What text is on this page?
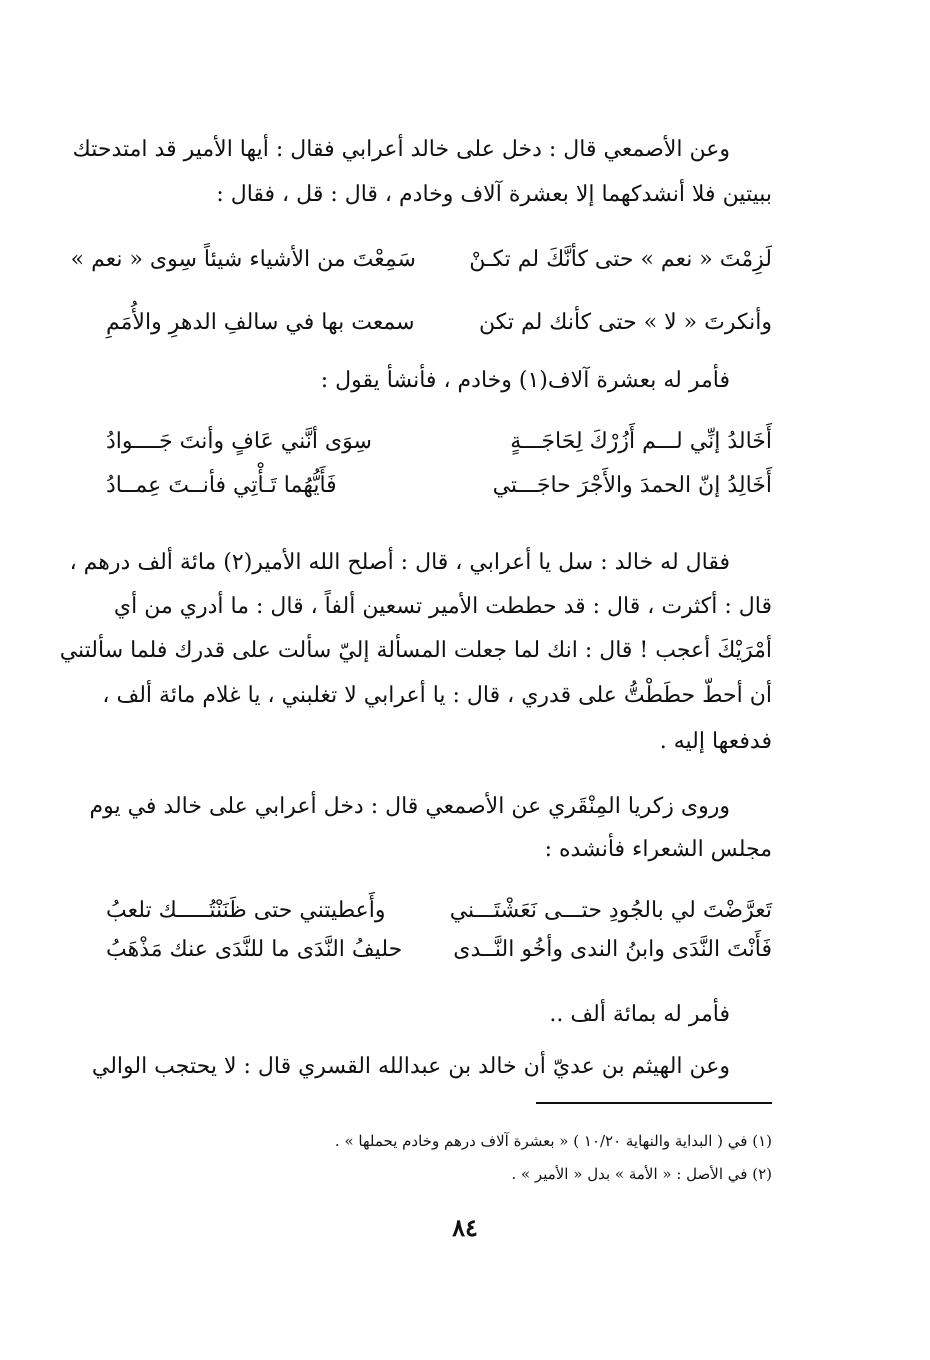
وعن الأصمعي قال : دخل على خالد أعرابي فقال : أيها الأمير قد امتدحتك
ببيتين فلا أنشدكهما إلا بعشرة آلاف وخادم ، قال : قل ، فقال :
لَزِمْتَ « نعم » حتى كأنَّكَ لم تكـنْ
سَمِعْتَ من الأشياء شيئاً سِوى « نعم »
وأنكرتَ « لا » حتى كأنك لم تكن
سمعت بها في سالفِ الدهرِ والأُمَمِ
فأمر له بعشرة آلاف(١) وخادم ، فأنشأ يقول :
أَخَالدُ إنِّي لـــم أَزُرْكَ لِحَاجَـــةٍ
سِوَى أنَّني عَافٍ وأنتَ جَــــوادُ
أَخَالِدُ إنّ الحمدَ والأَجْرَ حاجَـــتي
فَأَيُّهُما تَـأْتِي فأنــتَ عِمــادُ
فقال له خالد : سل يا أعرابي ، قال : أصلح الله الأمير(٢) مائة ألف درهم ،
قال : أكثرت ، قال : قد حططت الأمير تسعين ألفاً ، قال : ما أدري من أي
أمْرَيْكَ أعجب ! قال : انك لما جعلت المسألة إليّ سألت على قدرك فلما سألتني
أن أحطّ حطَطْتُّ على قدري ، قال : يا أعرابي لا تغلبني ، يا غلام مائة ألف ،
فدفعها إليه .
وروى زكريا المِنْقَري عن الأصمعي قال : دخل أعرابي على خالد في يوم
مجلس الشعراء فأنشده :
تَعرَّضْتَ لي بالجُودِ حتـــى نَعَشْتَـــني
وأَعطيتني حتى ظَنَنْتُـــــك تلعبُ
فَأَنْتَ النَّدَى وابنُ الندى وأخُو النَّــدى
حليفُ النَّدَى ما للنَّدَى عنك مَذْهَبُ
فأمر له بمائة ألف ..
وعن الهيثم بن عديّ أن خالد بن عبدالله القسري قال : لا يحتجب الوالي
(١) في ( البداية والنهاية ١٠/٢٠ ) « بعشرة آلاف درهم وخادم يحملها » .
(٢) في الأصل : « الأمة » بدل « الأمير » .
٨٤
